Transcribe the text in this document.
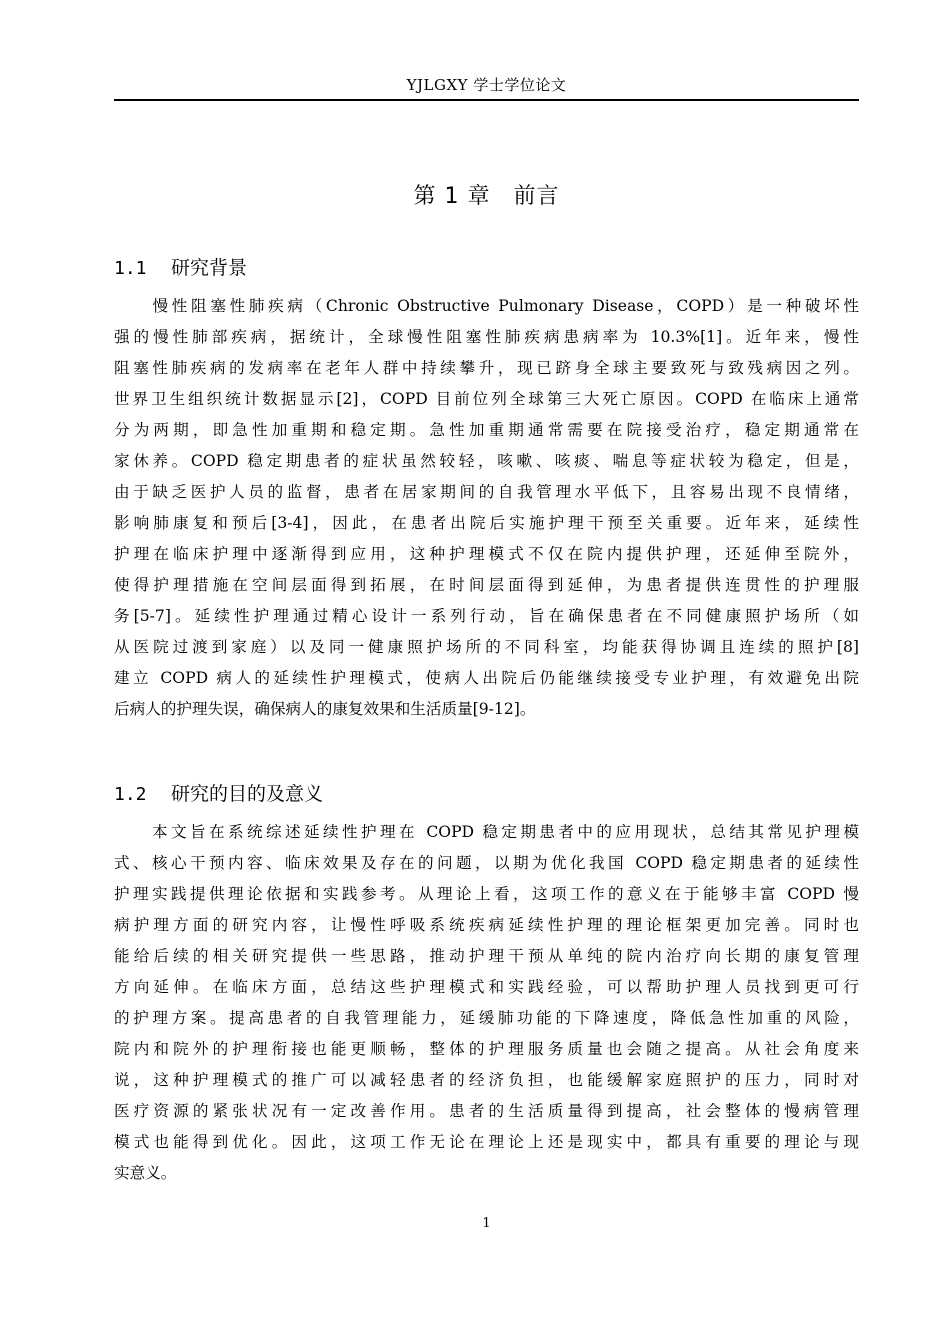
YJLGXY 学士学位论文
第 1 章　前言
1.1 研究背景
　　慢性阻塞性肺疾病（Chronic Obstructive Pulmonary Disease，COPD）是一种破坏性
强的慢性肺部疾病，据统计，全球慢性阻塞性肺疾病患病率为 10.3%[1]。近年来，慢性
阻塞性肺疾病的发病率在老年人群中持续攀升，现已跻身全球主要致死与致残病因之列。
世界卫生组织统计数据显示[2]，COPD 目前位列全球第三大死亡原因。COPD 在临床上通常
分为两期，即急性加重期和稳定期。急性加重期通常需要在院接受治疗，稳定期通常在
家休养。COPD 稳定期患者的症状虽然较轻，咳嗽、咳痰、喘息等症状较为稳定，但是，
由于缺乏医护人员的监督，患者在居家期间的自我管理水平低下，且容易出现不良情绪，
影响肺康复和预后[3-4]，因此，在患者出院后实施护理干预至关重要。近年来，延续性
护理在临床护理中逐渐得到应用，这种护理模式不仅在院内提供护理，还延伸至院外，
使得护理措施在空间层面得到拓展，在时间层面得到延伸，为患者提供连贯性的护理服
务[5-7]。延续性护理通过精心设计一系列行动，旨在确保患者在不同健康照护场所（如
从医院过渡到家庭）以及同一健康照护场所的不同科室，均能获得协调且连续的照护[8]
建立 COPD 病人的延续性护理模式，使病人出院后仍能继续接受专业护理，有效避免出院
后病人的护理失误，确保病人的康复效果和生活质量[9-12]。
1.2 研究的目的及意义
　　本文旨在系统综述延续性护理在 COPD 稳定期患者中的应用现状，总结其常见护理模
式、核心干预内容、临床效果及存在的问题，以期为优化我国 COPD 稳定期患者的延续性
护理实践提供理论依据和实践参考。从理论上看，这项工作的意义在于能够丰富 COPD 慢
病护理方面的研究内容，让慢性呼吸系统疾病延续性护理的理论框架更加完善。同时也
能给后续的相关研究提供一些思路，推动护理干预从单纯的院内治疗向长期的康复管理
方向延伸。在临床方面，总结这些护理模式和实践经验，可以帮助护理人员找到更可行
的护理方案。提高患者的自我管理能力，延缓肺功能的下降速度，降低急性加重的风险，
院内和院外的护理衔接也能更顺畅，整体的护理服务质量也会随之提高。从社会角度来
说，这种护理模式的推广可以减轻患者的经济负担，也能缓解家庭照护的压力，同时对
医疗资源的紧张状况有一定改善作用。患者的生活质量得到提高，社会整体的慢病管理
模式也能得到优化。因此，这项工作无论在理论上还是现实中，都具有重要的理论与现
实意义。
1
